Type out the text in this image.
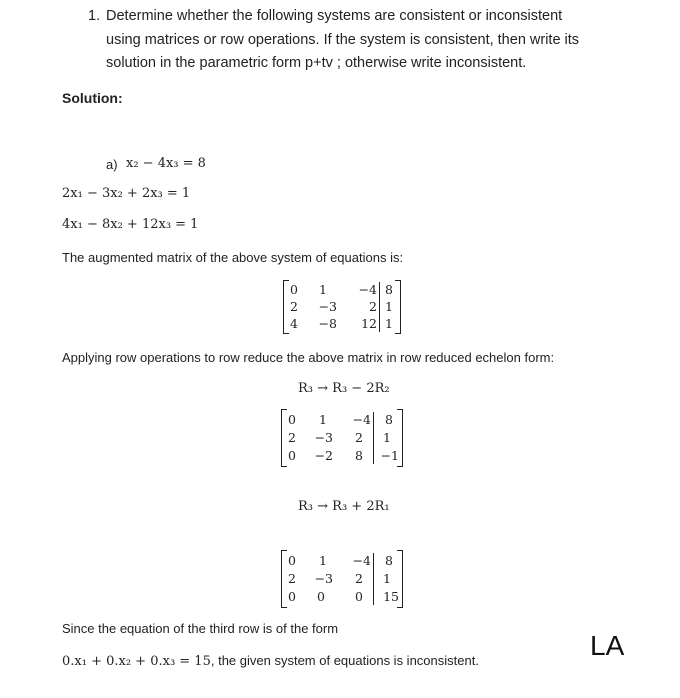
1. Determine whether the following systems are consistent or inconsistent
using matrices or row operations. If the system is consistent, then write its
solution in the parametric form p+tv ; otherwise write inconsistent.
Solution:
a) x₂ − 4x₃ = 8
2x₁ − 3x₂ + 2x₃ = 1
4x₁ − 8x₂ + 12x₃ = 1
The augmented matrix of the above system of equations is:
0	1	−4 8
2	−3	2 1
4	−8	12 1
Applying row operations to row reduce the above matrix in row reduced echelon form:
R₃ → R₃ − 2R₂
0	1	−4	8
2	−3	2	1
0	−2	8 −1
R₃ → R₃ + 2R₁
0	1	−4	8
2	−3	2	1
0	0	0	15
Since the equation of the third row is of the form
0.x₁ + 0.x₂ + 0.x₃ = 15, the given system of equations is inconsistent.	LA
